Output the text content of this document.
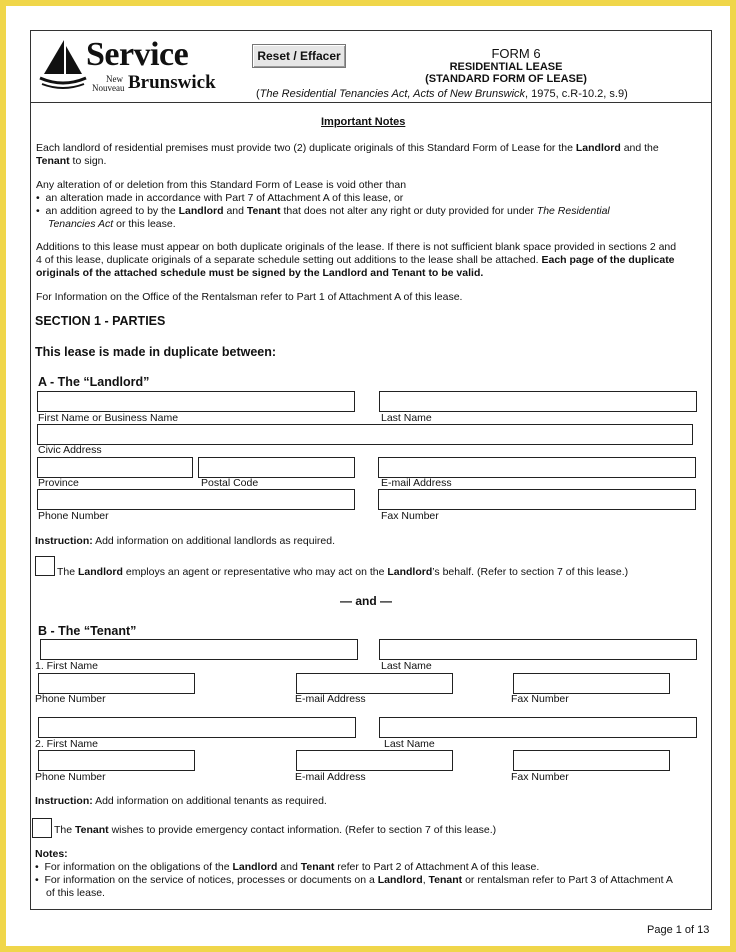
Service
New
Nouveau Brunswick
Reset / Effacer	FORM 6
RESIDENTIAL LEASE
(STANDARD FORM OF LEASE)
(The Residential Tenancies Act, Acts of New Brunswick, 1975, c.R-10.2, s.9)
Important Notes
Each landlord of residential premises must provide two (2) duplicate originals of this Standard Form of Lease for the Landlord and the
Tenant to sign.
Any alteration of or deletion from this Standard Form of Lease is void other than
•  an alteration made in accordance with Part 7 of Attachment A of this lease, or
•  an addition agreed to by the Landlord and Tenant that does not alter any right or duty provided for under The Residential
Tenancies Act or this lease.
Additions to this lease must appear on both duplicate originals of the lease. If there is not sufficient blank space provided in sections 2 and
4 of this lease, duplicate originals of a separate schedule setting out additions to the lease shall be attached. Each page of the duplicate
originals of the attached schedule must be signed by the Landlord and Tenant to be valid.
For Information on the Office of the Rentalsman refer to Part 1 of Attachment A of this lease.
SECTION 1 - PARTIES
This lease is made in duplicate between:
A - The “Landlord”
First Name or Business Name	Last Name
Civic Address
Province	Postal Code	E-mail Address
Phone Number	Fax Number
Instruction: Add information on additional landlords as required.
The Landlord employs an agent or representative who may act on the Landlord’s behalf. (Refer to section 7 of this lease.)
— and —
B - The “Tenant”
1. First Name	Last Name
Phone Number	E-mail Address	Fax Number
2. First Name	Last Name
Phone Number	E-mail Address	Fax Number
Instruction: Add information on additional tenants as required.
The Tenant wishes to provide emergency contact information. (Refer to section 7 of this lease.)
Notes:
•  For information on the obligations of the Landlord and Tenant refer to Part 2 of Attachment A of this lease.
•  For information on the service of notices, processes or documents on a Landlord, Tenant or rentalsman refer to Part 3 of Attachment A
of this lease.
Page 1 of 13
